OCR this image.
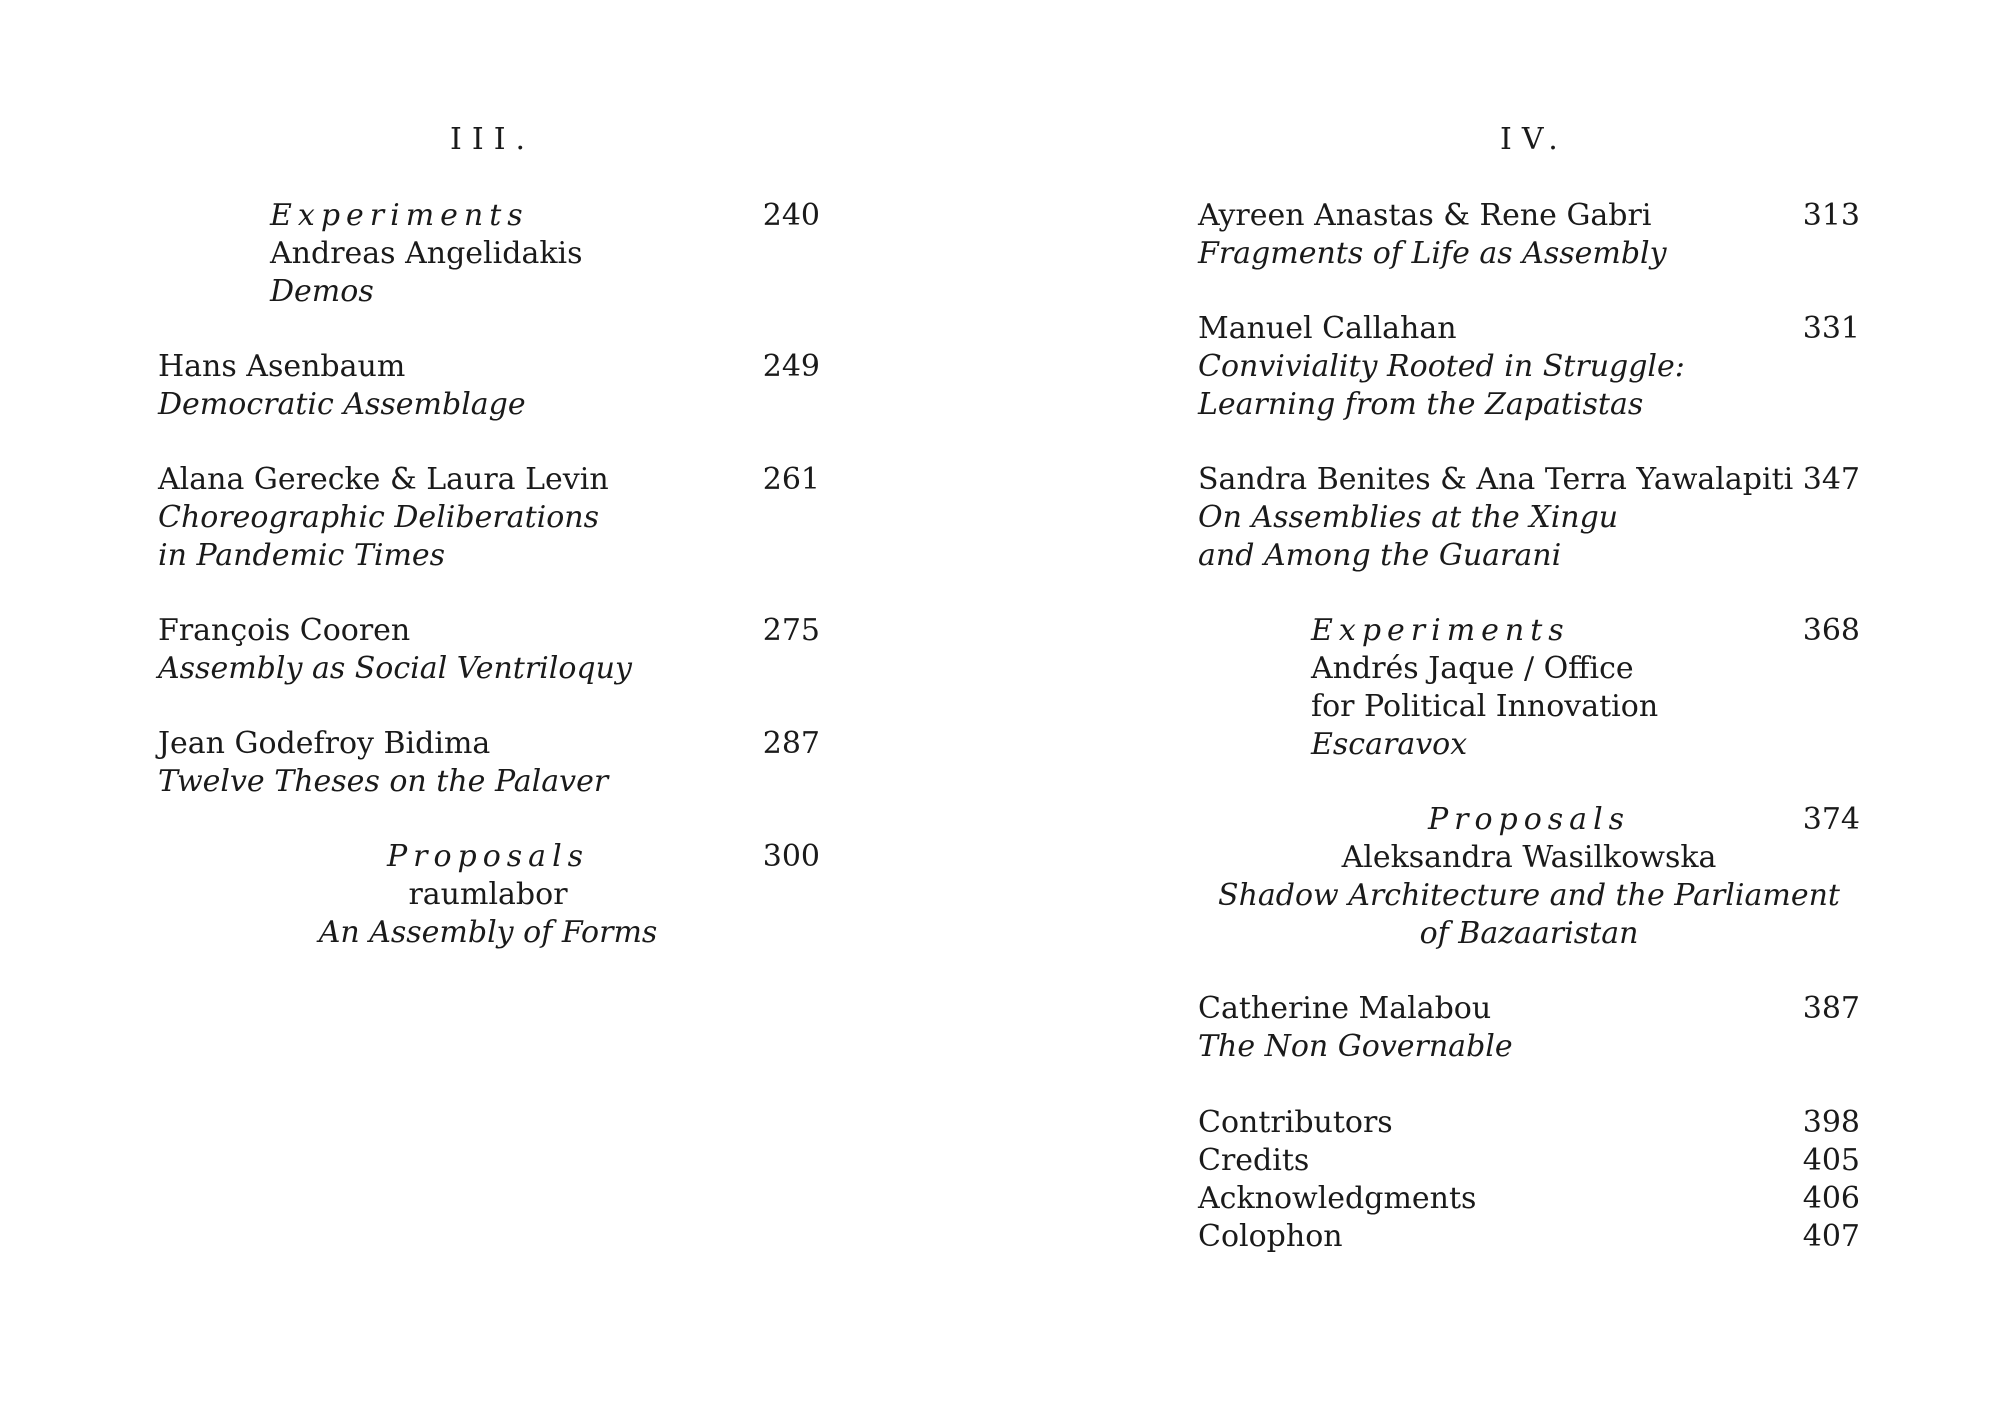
III.
Experiments
Andreas Angelidakis
Demos
240
Hans Asenbaum
Democratic Assemblage
249
Alana Gerecke & Laura Levin
Choreographic Deliberations
in Pandemic Times
261
François Cooren
Assembly as Social Ventriloquy
275
Jean Godefroy Bidima
Twelve Theses on the Palaver
287
Proposals
raumlabor
An Assembly of Forms
300
IV.
Ayreen Anastas & Rene Gabri
Fragments of Life as Assembly
313
Manuel Callahan
Conviviality Rooted in Struggle:
Learning from the Zapatistas
331
Sandra Benites & Ana Terra Yawalapiti
On Assemblies at the Xingu
and Among the Guarani
347
Experiments
Andrés Jaque / Office
for Political Innovation
Escaravox
368
Proposals
Aleksandra Wasilkowska
Shadow Architecture and the Parliament
of Bazaaristan
374
Catherine Malabou
The Non Governable
387
Contributors	398
Credits	405
Acknowledgments	406
Colophon	407
